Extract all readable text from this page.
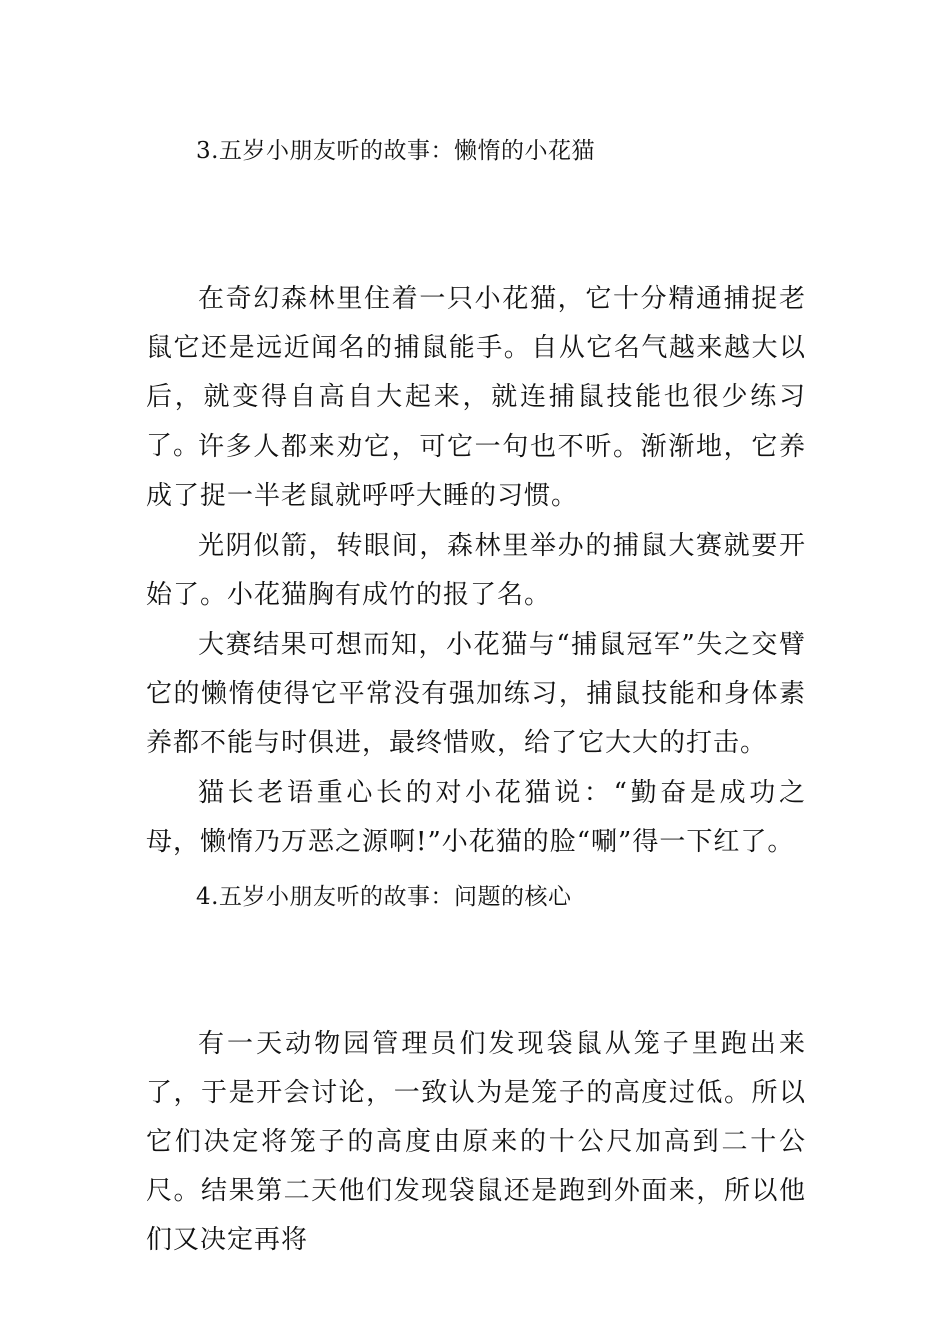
3.五岁小朋友听的故事：懒惰的小花猫

在奇幻森林里住着一只小花猫，它十分精通捕捉老鼠它还是远近闻名的捕鼠能手。自从它名气越来越大以后，就变得自高自大起来，就连捕鼠技能也很少练习了。

许多人都来劝它，可它一句也不听。渐渐地，它养成了捉一半老鼠就呼呼大睡的习惯。

光阴似箭，转眼间，森林里举办的捕鼠大赛就要开始了。小花猫胸有成竹的报了名。

大赛结果可想而知，小花猫与“捕鼠冠军”失之交臂它的懒惰使得它平常没有强加练习，捕鼠技能和身体素养都不能与时俱进，最终惜败，给了它大大的打击。

猫长老语重心长的对小花猫说：“勤奋是成功之母，懒惰乃万恶之源啊!”小花猫的脸“唰”得一下红了。

4.五岁小朋友听的故事：问题的核心

有一天动物园管理员们发现袋鼠从笼子里跑出来了，于是开会讨论，一致认为是笼子的高度过低。所以它们决定将笼子的高度由原来的十公尺加高到二十公尺。结果第二天他们发现袋鼠还是跑到外面来，所以他们又决定再将
